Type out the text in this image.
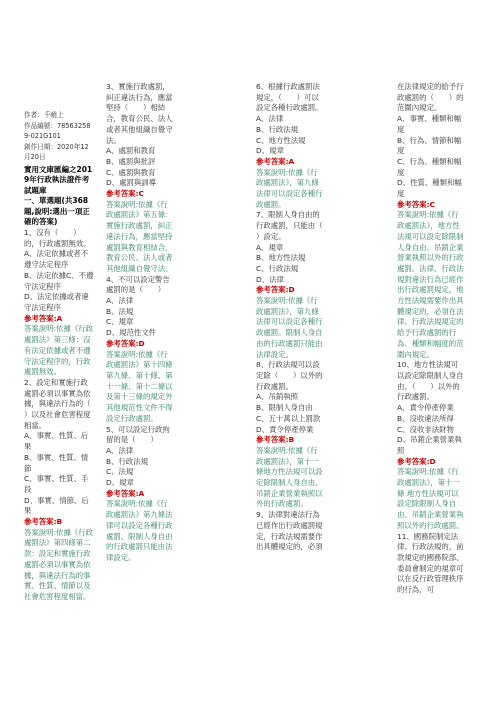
作者：千曉上

作品編號：785632589-021G101

創作日期：2020年12月20日

實用文庫匯編之2019年行政執法證件考試題庫
一、單選題(共368題,說明:選出一項正確的答案)
1、沒有（　　）的，行政處罰無效。
A、法定依據或者不遵守法定程序
B、法定依據C、不遵守法定程序
D、法定依據或者違守法定程序
參考答案:A
答案說明:依據《行政處罰法》第三條：沒有法定依據或者不遵守法定程序的，行政處罰無效。
2、設定和實施行政處罰必須以事實為依據，與違法行為的（　　）以及社會危害程度相當。
A、事實、性質、后果
B、事實、性質、情節
C、事實、性質、手段
D、事實、情節、后果
參考答案:B
答案說明:依據《行政處罰法》第四條第二款：設定和實施行政處罰必須以事實為依據，與違法行為的事實、性質、情節以及社會危害程度相當。
3、實施行政處罰，糾正違法行為，應當堅持（　　）相結合，教育公民、法人或者其他組織自覺守法。
A、處罰和教育
B、處罰與批評
C、處罰與教育
D、處罰與訓導
參考答案:C
答案說明:依據《行政處罰法》第五條：實施行政處罰，糾正違法行為，應當堅持處罰與教育相結合，教育公民、法人或者其他組織自覺守法。
4、不可以設定警告處罰的是（　　）
A、法律
B、法規
C、規章
D、規范性文件
參考答案:D
答案說明:依據《行政處罰法》第十四條第九條、第十條、第十一條、第十二條以及第十三條的規定外其他規范性文件不得設定行政處罰。
5、可以設定行政拘留的是（　　）
A、法律
B、行政法規
C、法規
D、規章
參考答案:A
答案說明:依據《行政處罰法》第九條法律可以設定各種行政處罰。限制人身自由的行政處罰只能由法律設定。
6、根據行政處罰法規定，（　　）可以設定各種行政處罰。
A、法律
B、行政法規
C、地方性法規
D、規章
參考答案:A
答案說明:依據《行政處罰法》，第九條法律可以設定各種行政處罰。
7、限制人身自由的行政處罰，只能由（　　）設定。
A、規章
B、地方性法規
C、行政法規
D、法律
參考答案:D
答案說明:依據《行政處罰法》，第九條法律可以設定各種行政處罰。限制人身自由的行政處罰只能由法律設定。
8、行政法規可以設定除（　　）以外的行政處罰。
A、吊銷執照
B、限制人身自由
C、五十萬以上罰款
D、責令停產停業
參考答案:B
答案說明:依據《行政處罰法》，第十一條地方性法規可以設定除限制人身自由、吊銷企業營業執照以外的行政處罰。
9、法律對違法行為已經作出行政處罰規定，行政法規需要作出具體規定的，必須
在法律規定的給予行政處罰的（　　）的范圍內規定。
A、事實、種類和幅度
B、行為、情節和幅度
C、行為、種類和幅度
D、性質、種類和幅度
參考答案:C
答案說明:依據《行政處罰法》，地方性法規可以設定除限制人身自由、吊銷企業營業執照以外的行政處罰。法律、行政法規對違法行為已經作出行政處罰規定，地方性法規需要作出具體規定的，必須在法律、行政法規規定的給予行政處罰的行為、種類和幅度的范圍內規定。
10、地方性法規可以設定除限制人身自由、（　　）以外的行政處罰。
A、責令停產停業
B、沒收違法所得
C、沒收非法財物
D、吊銷企業營業執照
參考答案:D
答案說明:依據《行政處罰法》，第十一條 地方性法規可以設定除限制人身自由、吊銷企業營業執照以外的行政處罰。
11、國務院制定法律、行政法規的，前款規定的國務院部、委員會制定的規章可以在反行政管理秩序的行為，可
